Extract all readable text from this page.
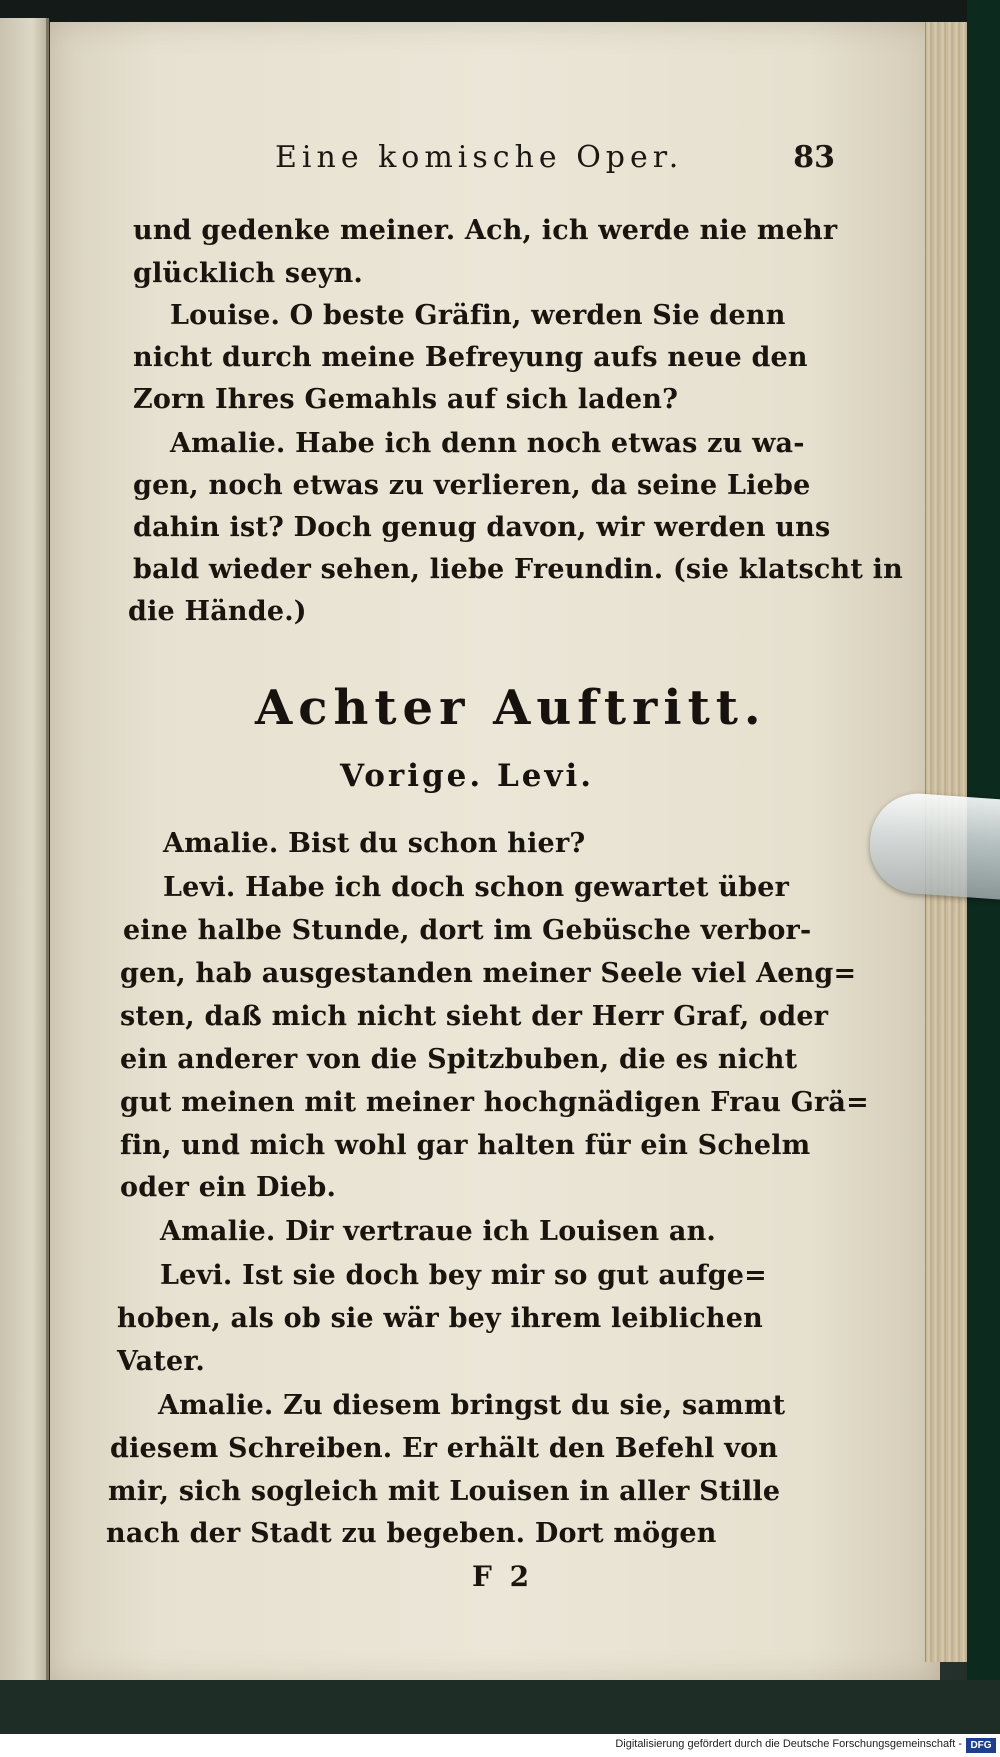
Eine komische Oper.	83
und gedenke meiner. Ach, ich werde nie mehr
glücklich seyn.
Louise. O beste Gräfin, werden Sie denn
nicht durch meine Befreyung aufs neue den
Zorn Ihres Gemahls auf sich laden?
Amalie. Habe ich denn noch etwas zu wa-
gen, noch etwas zu verlieren, da seine Liebe
dahin ist? Doch genug davon, wir werden uns
bald wieder sehen, liebe Freundin. (sie klatscht in
die Hände.)
Achter Auftritt.
Vorige. Levi.
Amalie. Bist du schon hier?
Levi. Habe ich doch schon gewartet über
eine halbe Stunde, dort im Gebüsche verbor-
gen, hab ausgestanden meiner Seele viel Aeng=
sten, daß mich nicht sieht der Herr Graf, oder
ein anderer von die Spitzbuben, die es nicht
gut meinen mit meiner hochgnädigen Frau Grä=
fin, und mich wohl gar halten für ein Schelm
oder ein Dieb.
Amalie. Dir vertraue ich Louisen an.
Levi. Ist sie doch bey mir so gut aufge=
hoben, als ob sie wär bey ihrem leiblichen
Vater.
Amalie. Zu diesem bringst du sie, sammt
diesem Schreiben. Er erhält den Befehl von
mir, sich sogleich mit Louisen in aller Stille
nach der Stadt zu begeben. Dort mögen
F 2
Digitalisierung gefördert durch die Deutsche Forschungsgemeinschaft - DFG
